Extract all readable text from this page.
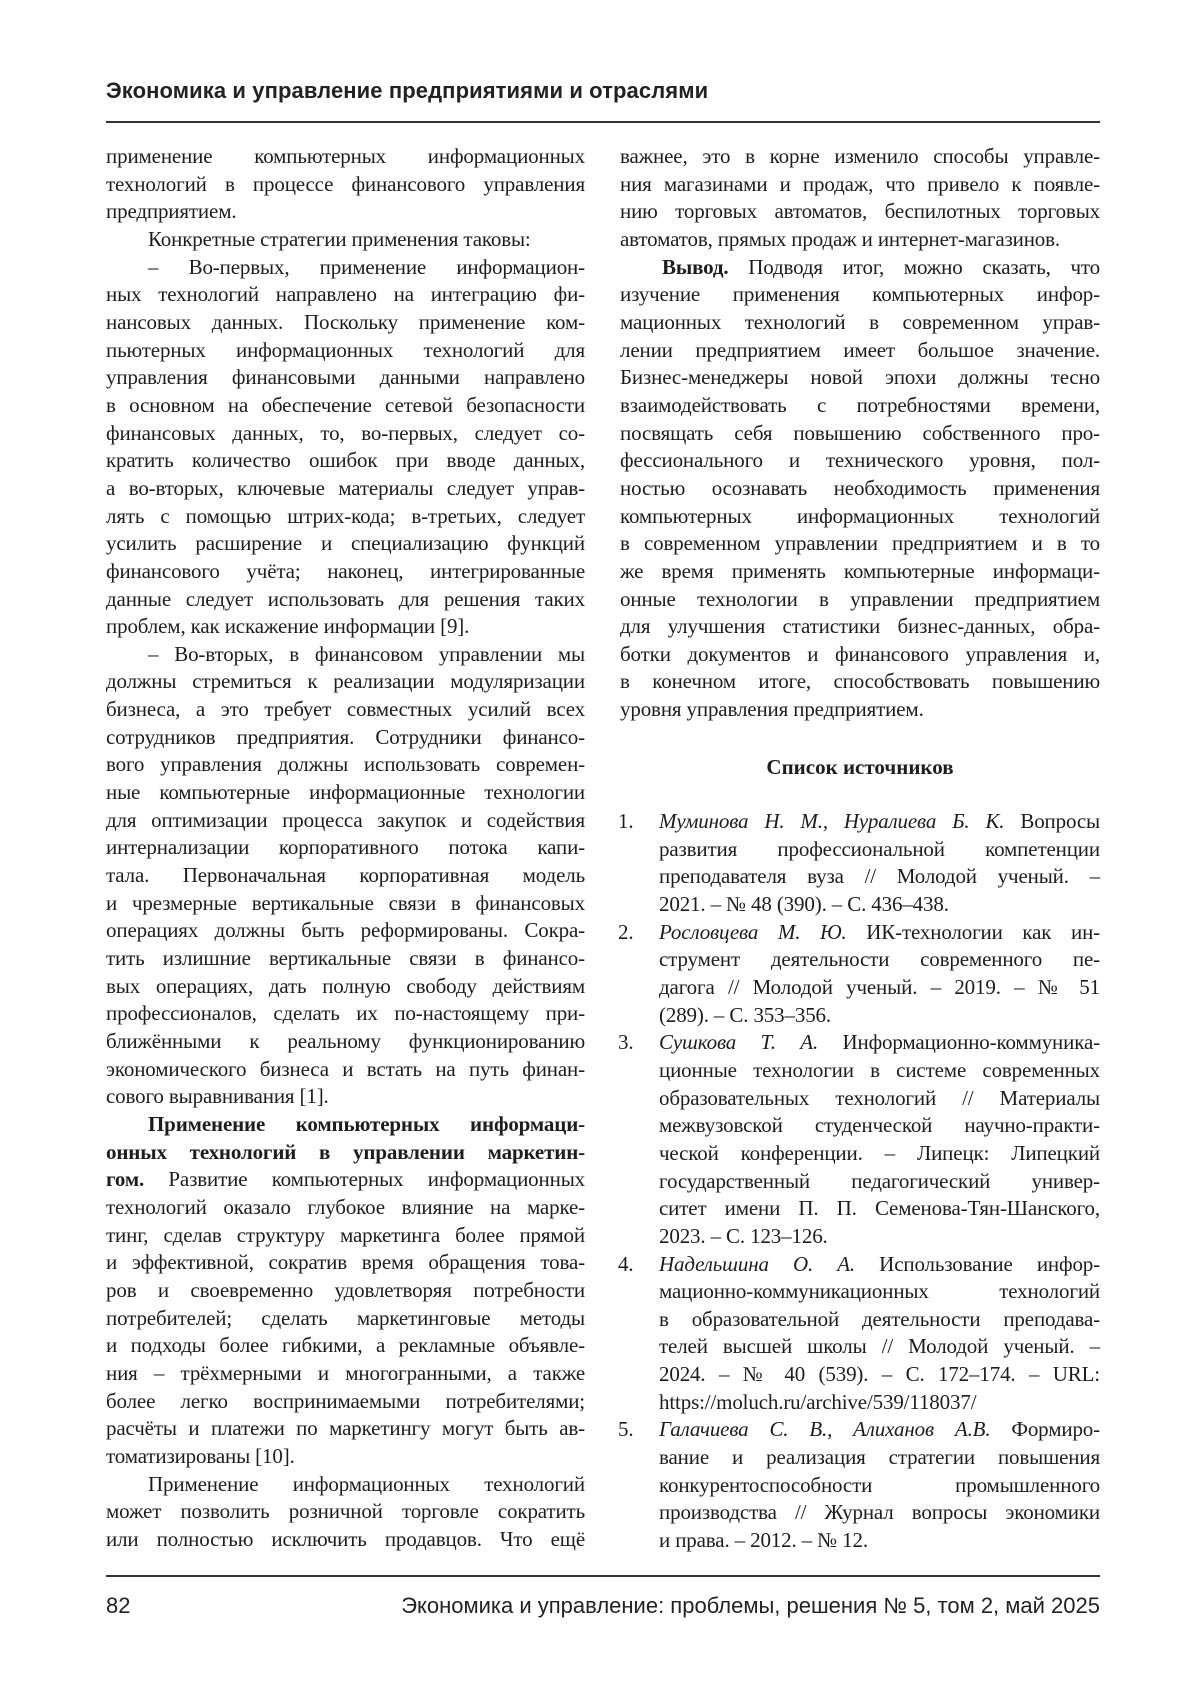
Экономика и управление предприятиями и отраслями
применение компьютерных информационных
технологий в процессе финансового управления
предприятием.
Конкретные стратегии применения таковы:
– Во-первых, применение информацион-
ных технологий направлено на интеграцию фи-
нансовых данных. Поскольку применение ком-
пьютерных информационных технологий для
управления финансовыми данными направлено
в основном на обеспечение сетевой безопасности
финансовых данных, то, во-первых, следует со-
кратить количество ошибок при вводе данных,
а во-вторых, ключевые материалы следует управ-
лять с помощью штрих-кода; в-третьих, следует
усилить расширение и специализацию функций
финансового учёта; наконец, интегрированные
данные следует использовать для решения таких
проблем, как искажение информации [9].
– Во-вторых, в финансовом управлении мы
должны стремиться к реализации модуляризации
бизнеса, а это требует совместных усилий всех
сотрудников предприятия. Сотрудники финансо-
вого управления должны использовать современ-
ные компьютерные информационные технологии
для оптимизации процесса закупок и содействия
интернализации корпоративного потока капи-
тала. Первоначальная корпоративная модель
и чрезмерные вертикальные связи в финансовых
операциях должны быть реформированы. Сокра-
тить излишние вертикальные связи в финансо-
вых операциях, дать полную свободу действиям
профессионалов, сделать их по-настоящему при-
ближёнными к реальному функционированию
экономического бизнеса и встать на путь финан-
сового выравнивания [1].
Применение компьютерных информаци-
онных технологий в управлении маркетин-
гом. Развитие компьютерных информационных
технологий оказало глубокое влияние на марке-
тинг, сделав структуру маркетинга более прямой
и эффективной, сократив время обращения това-
ров и своевременно удовлетворяя потребности
потребителей; сделать маркетинговые методы
и подходы более гибкими, а рекламные объявле-
ния – трёхмерными и многогранными, а также
более легко воспринимаемыми потребителями;
расчёты и платежи по маркетингу могут быть ав-
томатизированы [10].
Применение информационных технологий
может позволить розничной торговле сократить
или полностью исключить продавцов. Что ещё
важнее, это в корне изменило способы управле-
ния магазинами и продаж, что привело к появле-
нию торговых автоматов, беспилотных торговых
автоматов, прямых продаж и интернет-магазинов.
Вывод. Подводя итог, можно сказать, что
изучение применения компьютерных инфор-
мационных технологий в современном управ-
лении предприятием имеет большое значение.
Бизнес-менеджеры новой эпохи должны тесно
взаимодействовать с потребностями времени,
посвящать себя повышению собственного про-
фессионального и технического уровня, пол-
ностью осознавать необходимость применения
компьютерных информационных технологий
в современном управлении предприятием и в то
же время применять компьютерные информаци-
онные технологии в управлении предприятием
для улучшения статистики бизнес-данных, обра-
ботки документов и финансового управления и,
в конечном итоге, способствовать повышению
уровня управления предприятием.
Список источников
1. Муминова Н. М., Нуралиева Б. К. Вопросы
развития профессиональной компетенции
преподавателя вуза // Молодой ученый. –
2021. – № 48 (390). – С. 436–438.
2. Рословцева М. Ю. ИК-технологии как ин-
струмент деятельности современного пе-
дагога // Молодой ученый. – 2019. – № 51
(289). – С. 353–356.
3. Сушкова Т. А. Информационно-коммуника-
ционные технологии в системе современных
образовательных технологий // Материалы
межвузовской студенческой научно-практи-
ческой конференции. – Липецк: Липецкий
государственный педагогический универ-
ситет имени П. П. Семенова-Тян-Шанского,
2023. – С. 123–126.
4. Надельшина О. А. Использование инфор-
мационно-коммуникационных технологий
в образовательной деятельности преподава-
телей высшей школы // Молодой ученый. –
2024. – № 40 (539). – С. 172–174. – URL:
https://moluch.ru/archive/539/118037/
5. Галачиева С. В., Алиханов А.В. Формиро-
вание и реализация стратегии повышения
конкурентоспособности промышленного
производства // Журнал вопросы экономики
и права. – 2012. – № 12.
82	Экономика и управление: проблемы, решения № 5, том 2, май 2025
